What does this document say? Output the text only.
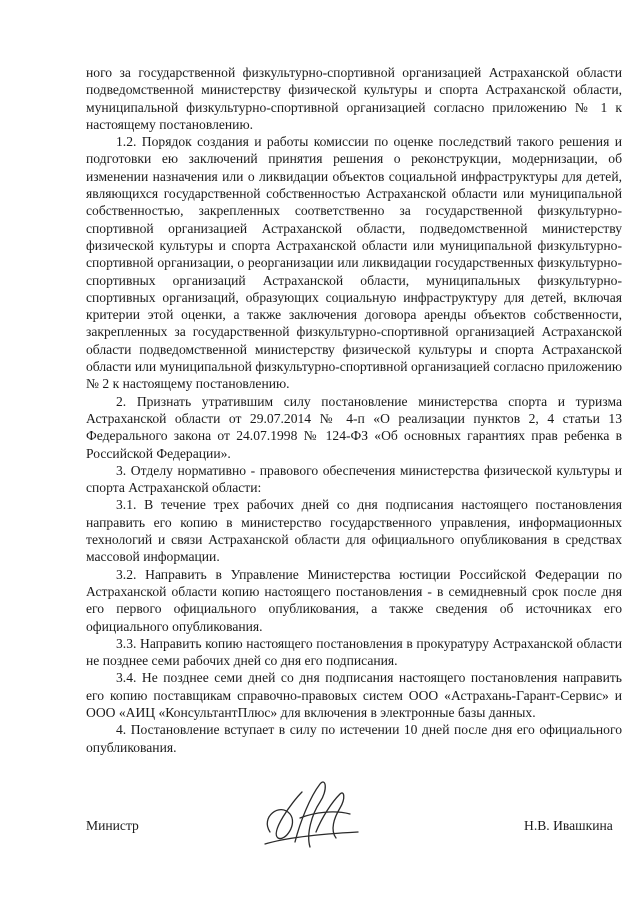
ного за государственной физкультурно-спортивной организацией Астраханской области подведомственной министерству физической культуры и спорта Астраханской области, муниципальной физкультурно-спортивной организацией согласно приложению № 1 к настоящему постановлению.

1.2. Порядок создания и работы комиссии по оценке последствий такого решения и подготовки ею заключений принятия решения о реконструкции, модернизации, об изменении назначения или о ликвидации объектов социальной инфраструктуры для детей, являющихся государственной собственностью Астраханской области или муниципальной собственностью, закрепленных соответственно за государственной физкультурно-спортивной организацией Астраханской области, подведомственной министерству физической культуры и спорта Астраханской области или муниципальной физкультурно-спортивной организации, о реорганизации или ликвидации государственных физкультурно-спортивных организаций Астраханской области, муниципальных физкультурно-спортивных организаций, образующих социальную инфраструктуру для детей, включая критерии этой оценки, а также заключения договора аренды объектов собственности, закрепленных за государственной физкультурно-спортивной организацией Астраханской области подведомственной министерству физической культуры и спорта Астраханской области или муниципальной физкультурно-спортивной организацией согласно приложению № 2 к настоящему постановлению.

2. Признать утратившим силу постановление министерства спорта и туризма Астраханской области от 29.07.2014 № 4-п «О реализации пунктов 2, 4 статьи 13 Федерального закона от 24.07.1998 № 124-ФЗ «Об основных гарантиях прав ребенка в Российской Федерации».

3. Отделу нормативно - правового обеспечения министерства физической культуры и спорта Астраханской области:

3.1. В течение трех рабочих дней со дня подписания настоящего постановления направить его копию в министерство государственного управления, информационных технологий и связи Астраханской области для официального опубликования в средствах массовой информации.

3.2. Направить в Управление Министерства юстиции Российской Федерации по Астраханской области копию настоящего постановления - в семидневный срок после дня его первого официального опубликования, а также сведения об источниках его официального опубликования.

3.3. Направить копию настоящего постановления в прокуратуру Астраханской области не позднее семи рабочих дней со дня его подписания.

3.4. Не позднее семи дней со дня подписания настоящего постановления направить его копию поставщикам справочно-правовых систем ООО «Астрахань-Гарант-Сервис» и ООО «АИЦ «КонсультантПлюс» для включения в электронные базы данных.

4. Постановление вступает в силу по истечении 10 дней после дня его официального опубликования.

Министр	Н.В. Ивашкина
